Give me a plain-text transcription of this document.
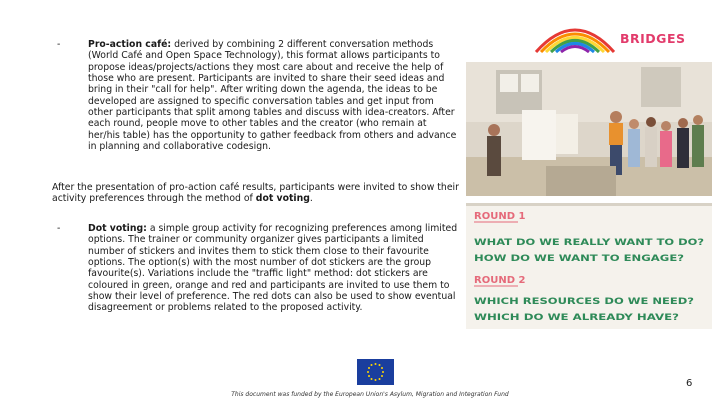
BRIDGES
-	Pro-action café: derived by combining 2 different conversation methods (World Café and Open Space Technology), this format allows participants to propose ideas/projects/actions they most care about and receive the help of those who are present. Participants are invited to share their seed ideas and bring in their "call for help". After writing down the agenda, the ideas to be developed are assigned to specific conversation tables and get input from other participants that split among tables and discuss with idea-creators. After each round, people move to other tables and the creator (who remain at her/his table) has the opportunity to gather feedback from others and advance in planning and collaborative codesign.
After the presentation of pro-action café results, participants were invited to show their activity preferences through the method of dot voting.
-	Dot voting: a simple group activity for recognizing preferences among limited options. The trainer or community organizer gives participants a limited number of stickers and invites them to stick them close to their favourite options. The option(s) with the most number of dot stickers are the group favourite(s). Variations include the "traffic light" method: dot stickers are coloured in green, orange and red and participants are invited to use them to show their level of preference. The red dots can also be used to show eventual disagreement or problems related to the proposed activity.
ROUND 1
WHAT DO WE REALLY WANT TO DO?
HOW DO WE WANT TO ENGAGE?
ROUND 2
WHICH RESOURCES DO WE NEED?
WHICH DO WE ALREADY HAVE?
This document was funded by the European Union's Asylum, Migration and Integration Fund
6
